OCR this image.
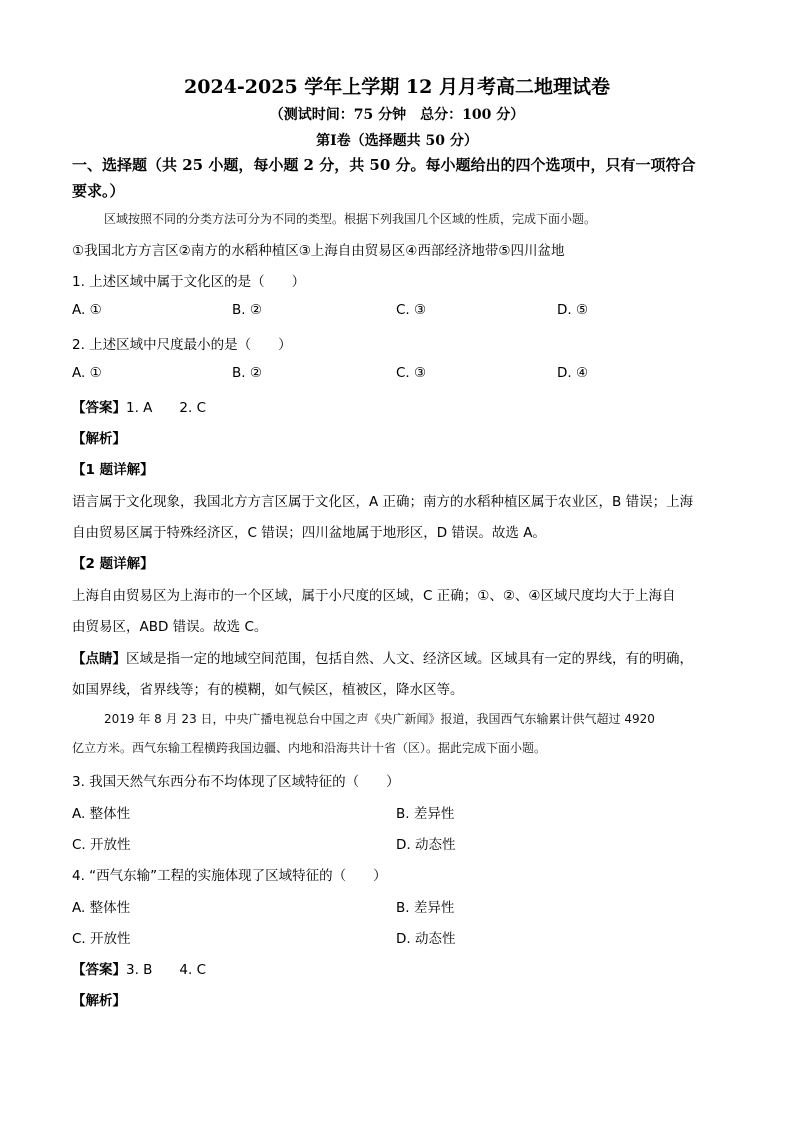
2024-2025 学年上学期 12 月月考高二地理试卷
（测试时间：75 分钟　总分：100 分）
第Ⅰ卷（选择题共 50 分）
一、选择题（共 25 小题，每小题 2 分，共 50 分。每小题给出的四个选项中，只有一项符合
要求。）
区域按照不同的分类方法可分为不同的类型。根据下列我国几个区域的性质，完成下面小题。
①我国北方方言区②南方的水稻种植区③上海自由贸易区④西部经济地带⑤四川盆地
1. 上述区域中属于文化区的是（　　）
A. ①	B. ②	C. ③	D. ⑤
2. 上述区域中尺度最小的是（　　）
A. ①	B. ②	C. ③	D. ④
【答案】1. A　　2. C
【解析】
【1 题详解】
语言属于文化现象，我国北方方言区属于文化区，A 正确；南方的水稻种植区属于农业区，B 错误；上海
自由贸易区属于特殊经济区，C 错误；四川盆地属于地形区，D 错误。故选 A。
【2 题详解】
上海自由贸易区为上海市的一个区域，属于小尺度的区域，C 正确；①、②、④区域尺度均大于上海自
由贸易区，ABD 错误。故选 C。
【点睛】区域是指一定的地域空间范围，包括自然、人文、经济区域。区域具有一定的界线，有的明确，
如国界线，省界线等；有的模糊，如气候区，植被区，降水区等。
2019 年 8 月 23 日，中央广播电视总台中国之声《央广新闻》报道，我国西气东输累计供气超过 4920
亿立方米。西气东输工程横跨我国边疆、内地和沿海共计十省（区）。据此完成下面小题。
3. 我国天然气东西分布不均体现了区域特征的（　　）
A. 整体性	B. 差异性
C. 开放性	D. 动态性
4. “西气东输”工程的实施体现了区域特征的（　　）
A. 整体性	B. 差异性
C. 开放性	D. 动态性
【答案】3. B　　4. C
【解析】
